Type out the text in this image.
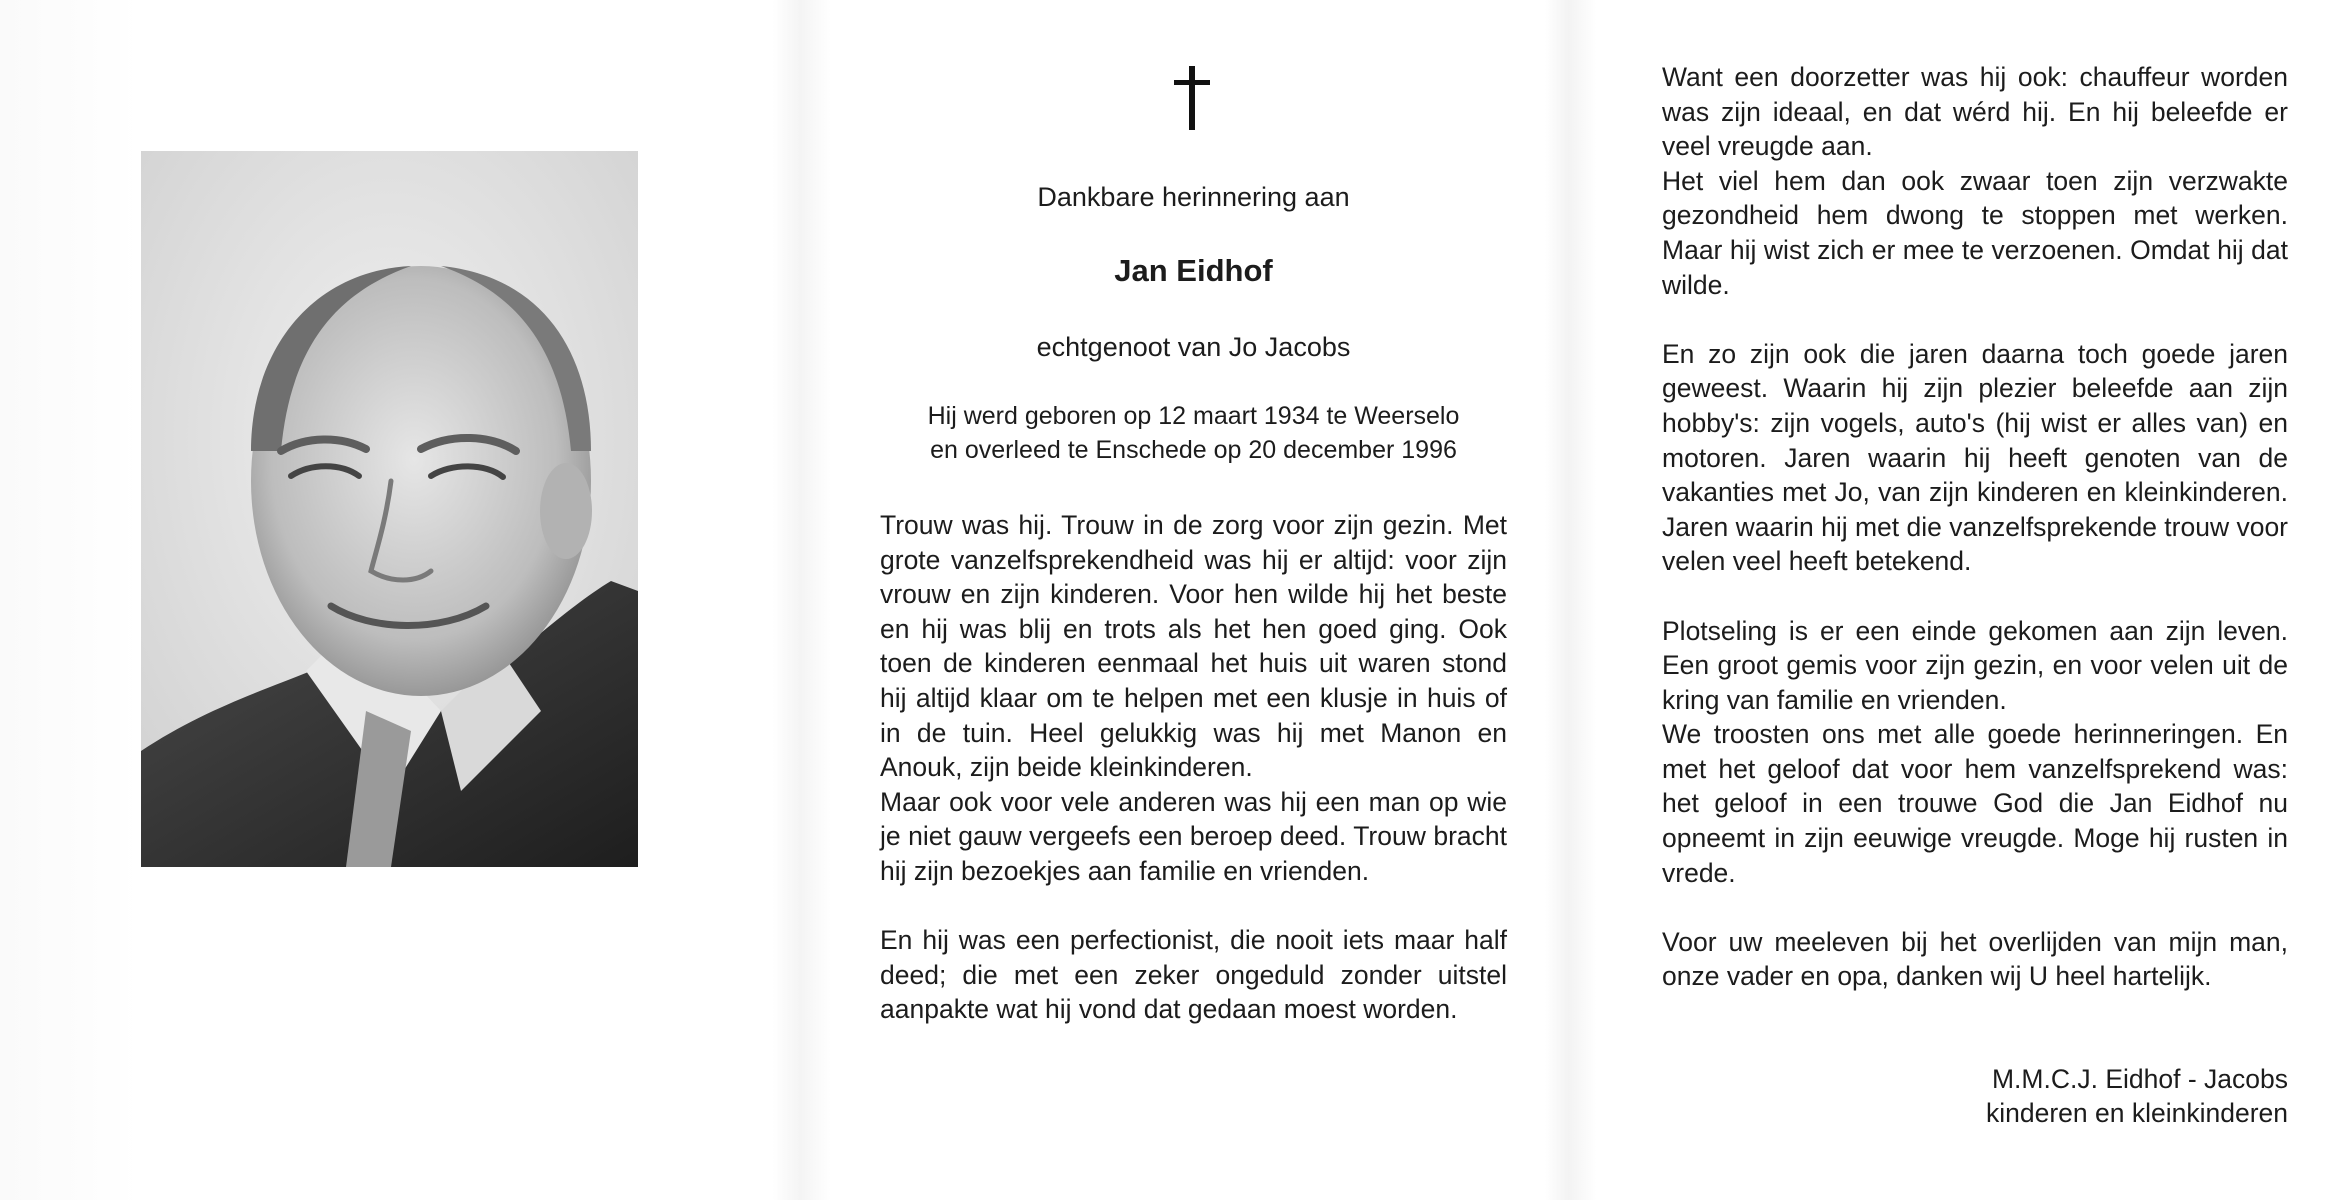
Dankbare herinnering aan
Jan Eidhof
echtgenoot van Jo Jacobs
Hij werd geboren op 12 maart 1934 te Weerselo
en overleed te Enschede op 20 december 1996

Trouw was hij. Trouw in de zorg voor zijn gezin. Met grote vanzelfsprekendheid was hij er altijd: voor zijn vrouw en zijn kinderen. Voor hen wilde hij het beste en hij was blij en trots als het hen goed ging. Ook toen de kinderen eenmaal het huis uit waren stond hij altijd klaar om te helpen met een klusje in huis of in de tuin. Heel gelukkig was hij met Manon en Anouk, zijn beide kleinkinderen.

Maar ook voor vele anderen was hij een man op wie je niet gauw vergeefs een beroep deed. Trouw bracht hij zijn bezoekjes aan familie en vrienden.

En hij was een perfectionist, die nooit iets maar half deed; die met een zeker ongeduld zonder uitstel aanpakte wat hij vond dat gedaan moest worden.

Want een doorzetter was hij ook: chauffeur worden was zijn ideaal, en dat wérd hij. En hij beleefde er veel vreugde aan.

Het viel hem dan ook zwaar toen zijn verzwakte gezondheid hem dwong te stoppen met werken. Maar hij wist zich er mee te verzoenen. Omdat hij dat wilde.

En zo zijn ook die jaren daarna toch goede jaren geweest. Waarin hij zijn plezier beleefde aan zijn hobby's: zijn vogels, auto's (hij wist er alles van) en motoren. Jaren waarin hij heeft genoten van de vakanties met Jo, van zijn kinderen en kleinkinderen. Jaren waarin hij met die vanzelfsprekende trouw voor velen veel heeft betekend.

Plotseling is er een einde gekomen aan zijn leven. Een groot gemis voor zijn gezin, en voor velen uit de kring van familie en vrienden.

We troosten ons met alle goede herinneringen. En met het geloof dat voor hem vanzelfsprekend was: het geloof in een trouwe God die Jan Eidhof nu opneemt in zijn eeuwige vreugde. Moge hij rusten in vrede.

Voor uw meeleven bij het overlijden van mijn man, onze vader en opa, danken wij U heel hartelijk.

M.M.C.J. Eidhof - Jacobs
kinderen en kleinkinderen
